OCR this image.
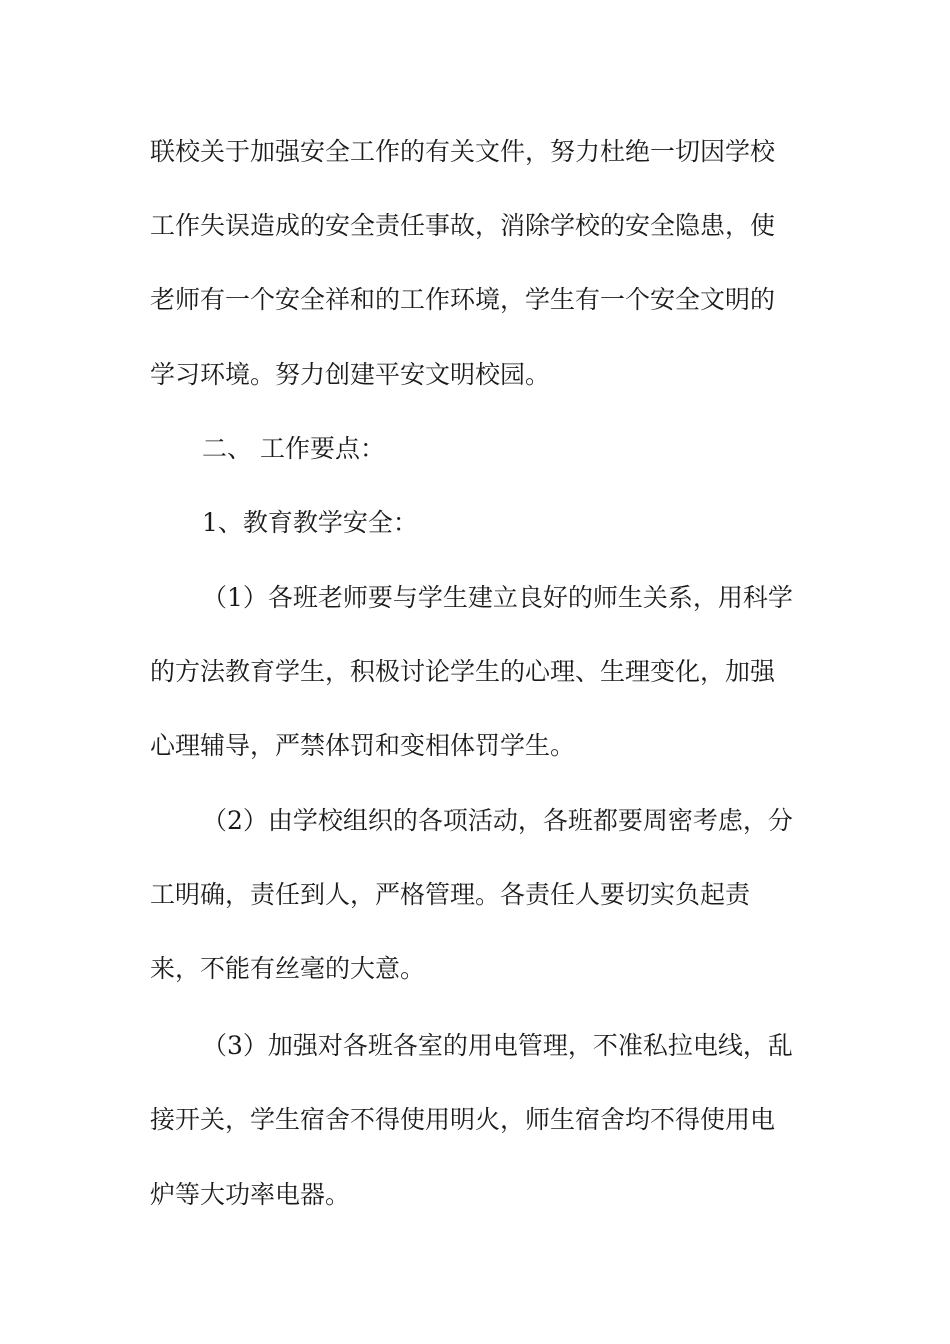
联校关于加强安全工作的有关文件，努力杜绝一切因学校
工作失误造成的安全责任事故，消除学校的安全隐患，使
老师有一个安全祥和的工作环境，学生有一个安全文明的
学习环境。努力创建平安文明校园。
二、 工作要点：
1、教育教学安全：
（1）各班老师要与学生建立良好的师生关系，用科学
的方法教育学生，积极讨论学生的心理、生理变化，加强
心理辅导，严禁体罚和变相体罚学生。
（2）由学校组织的各项活动，各班都要周密考虑，分
工明确，责任到人，严格管理。各责任人要切实负起责
来，不能有丝毫的大意。
（3）加强对各班各室的用电管理，不准私拉电线，乱
接开关，学生宿舍不得使用明火，师生宿舍均不得使用电
炉等大功率电器。
